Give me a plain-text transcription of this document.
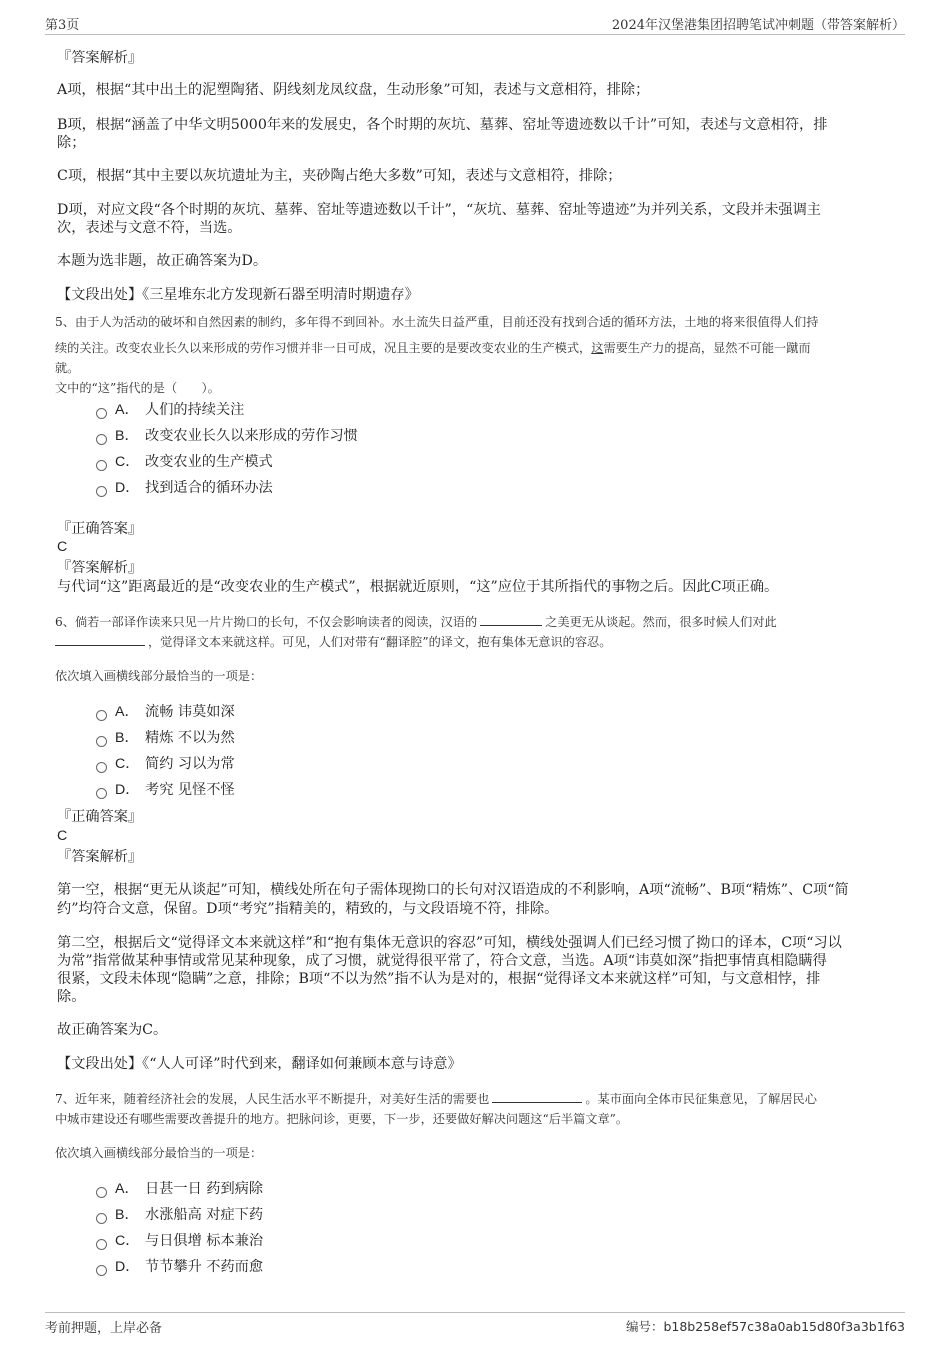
第3页	2024年汉堡港集团招聘笔试冲刺题（带答案解析）
『答案解析』
A项，根据“其中出土的泥塑陶猪、阴线刻龙凤纹盘，生动形象”可知，表述与文意相符，排除；
B项，根据“涵盖了中华文明5000年来的发展史，各个时期的灰坑、墓葬、窑址等遗迹数以千计”可知，表述与文意相符，排
除；
C项，根据“其中主要以灰坑遗址为主，夹砂陶占绝大多数”可知，表述与文意相符，排除；
D项，对应文段“各个时期的灰坑、墓葬、窑址等遗迹数以千计”，“灰坑、墓葬、窑址等遗迹”为并列关系，文段并未强调主
次，表述与文意不符，当选。
本题为选非题，故正确答案为D。
【文段出处】《三星堆东北方发现新石器至明清时期遗存》
5、由于人为活动的破坏和自然因素的制约，多年得不到回补。水土流失日益严重，目前还没有找到合适的循环方法，土地的将来很值得人们持
续的关注。改变农业长久以来形成的劳作习惯并非一日可成，况且主要的是要改变农业的生产模式，这需要生产力的提高，显然不可能一蹴而
就。
文中的“这”指代的是（　　）。
A． 人们的持续关注
B． 改变农业长久以来形成的劳作习惯
C． 改变农业的生产模式
D． 找到适合的循环办法
『正确答案』
C
『答案解析』
与代词“这”距离最近的是“改变农业的生产模式”，根据就近原则，“这”应位于其所指代的事物之后。因此C项正确。
6、倘若一部译作读来只见一片片拗口的长句，不仅会影响读者的阅读，汉语的	之美更无从谈起。然而，很多时候人们对此
，觉得译文本来就这样。可见，人们对带有“翻译腔”的译文，抱有集体无意识的容忍。
依次填入画横线部分最恰当的一项是：
A． 流畅 讳莫如深
B． 精炼 不以为然
C． 简约 习以为常
D． 考究 见怪不怪
『正确答案』
C
『答案解析』
第一空，根据“更无从谈起”可知，横线处所在句子需体现拗口的长句对汉语造成的不利影响，A项“流畅”、B项“精炼”、C项“简
约”均符合文意，保留。D项“考究”指精美的，精致的，与文段语境不符，排除。
第二空，根据后文“觉得译文本来就这样”和“抱有集体无意识的容忍”可知，横线处强调人们已经习惯了拗口的译本，C项“习以
为常”指常做某种事情或常见某种现象，成了习惯，就觉得很平常了，符合文意，当选。A项“讳莫如深”指把事情真相隐瞒得
很紧，文段未体现“隐瞒”之意，排除；B项“不以为然”指不认为是对的，根据“觉得译文本来就这样”可知，与文意相悖，排
除。
故正确答案为C。
【文段出处】《“人人可译”时代到来，翻译如何兼顾本意与诗意》
7、近年来，随着经济社会的发展，人民生活水平不断提升，对美好生活的需要也	。某市面向全体市民征集意见，了解居民心
中城市建设还有哪些需要改善提升的地方。把脉问诊，更要，下一步，还要做好解决问题这“后半篇文章”。
依次填入画横线部分最恰当的一项是：
A． 日甚一日 药到病除
B． 水涨船高 对症下药
C． 与日俱增 标本兼治
D． 节节攀升 不药而愈
考前押题，上岸必备	编号：b18b258ef57c38a0ab15d80f3a3b1f63
